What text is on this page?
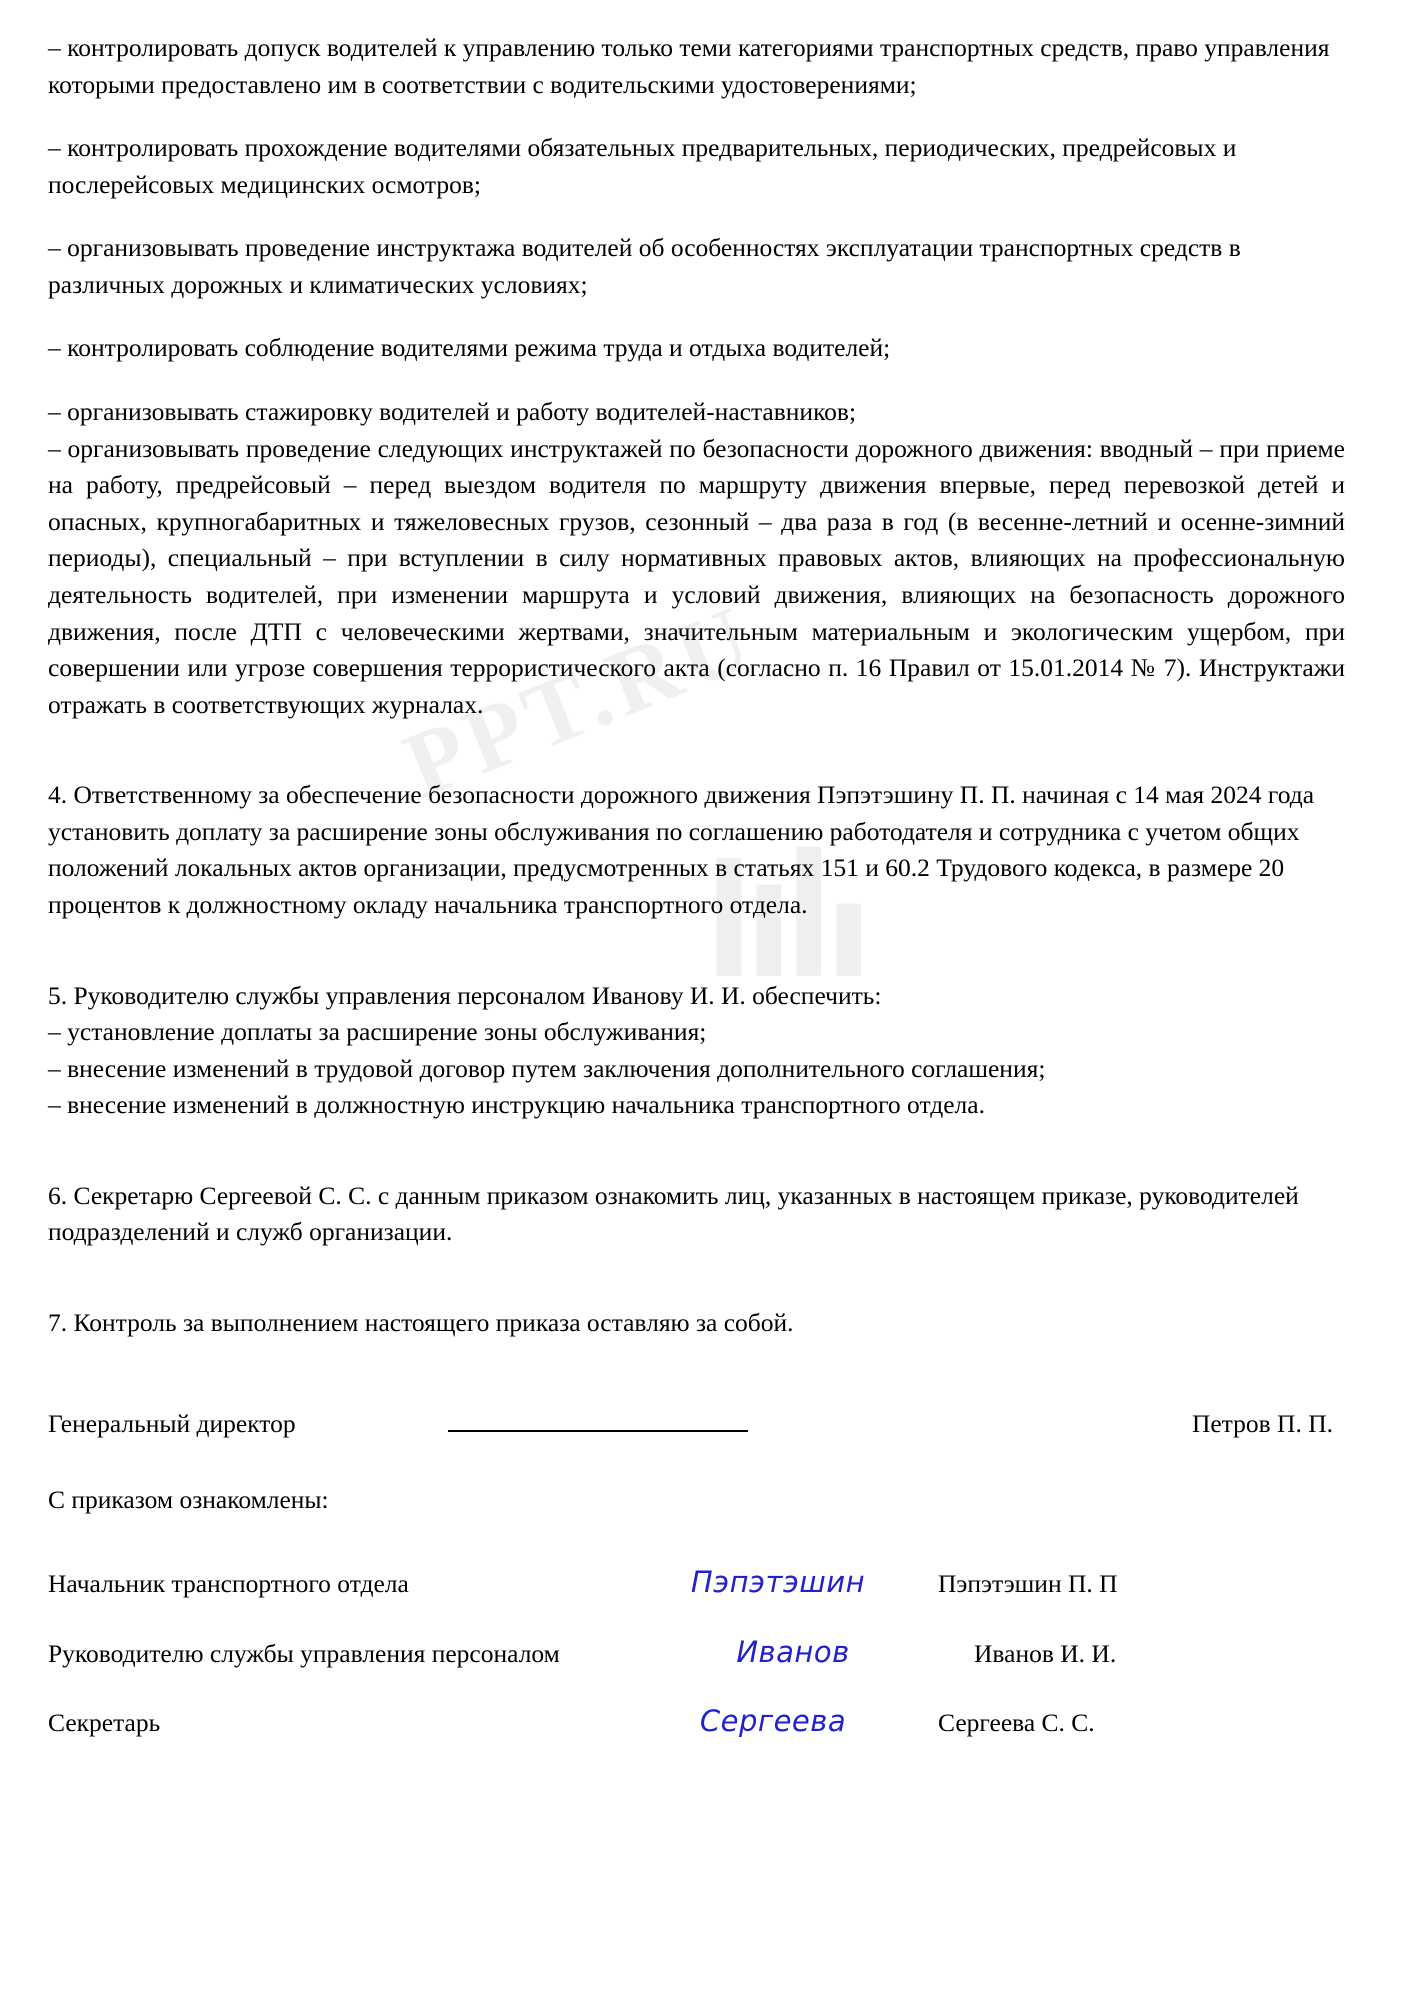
PPT.RU

– контролировать допуск водителей к управлению только теми категориями транспортных средств, право управления которыми предоставлено им в соответствии с водительскими удостоверениями;

– контролировать прохождение водителями обязательных предварительных, периодических, предрейсовых и послерейсовых медицинских осмотров;

– организовывать проведение инструктажа водителей об особенностях эксплуатации транспортных средств в различных дорожных и климатических условиях;

– контролировать соблюдение водителями режима труда и отдыха водителей;

– организовывать стажировку водителей и работу водителей-наставников;

– организовывать проведение следующих инструктажей по безопасности дорожного движения: вводный – при приеме на работу, предрейсовый – перед выездом водителя по маршруту движения впервые, перед перевозкой детей и опасных, крупногабаритных и тяжеловесных грузов, сезонный – два раза в год (в весенне-летний и осенне-зимний периоды), специальный – при вступлении в силу нормативных правовых актов, влияющих на профессиональную деятельность водителей, при изменении маршрута и условий движения, влияющих на безопасность дорожного движения, после ДТП с человеческими жертвами, значительным материальным и экологическим ущербом, при совершении или угрозе совершения террористического акта (согласно п. 16 Правил от 15.01.2014 № 7). Инструктажи отражать в соответствующих журналах.

4. Ответственному за обеспечение безопасности дорожного движения Пэпэтэшину П. П. начиная с 14 мая 2024 года установить доплату за расширение зоны обслуживания по соглашению работодателя и сотрудника с учетом общих положений локальных актов организации, предусмотренных в статьях 151 и 60.2 Трудового кодекса, в размере 20 процентов к должностному окладу начальника транспортного отдела.

5. Руководителю службы управления персоналом Иванову И. И. обеспечить:

– установление доплаты за расширение зоны обслуживания;

– внесение изменений в трудовой договор путем заключения дополнительного соглашения;

– внесение изменений в должностную инструкцию начальника транспортного отдела.

6. Секретарю Сергеевой С. С. с данным приказом ознакомить лиц, указанных в настоящем приказе, руководителей подразделений и служб организации.

7. Контроль за выполнением настоящего приказа оставляю за собой.

Генеральный директор	Петров П. П.
С приказом ознакомлены:
Начальник транспортного отдела	Пэпэтэшин	Пэпэтэшин П. П
Руководителю службы управления персоналом	Иванов	Иванов И. И.
Секретарь	Сергеева	Сергеева С. С.
